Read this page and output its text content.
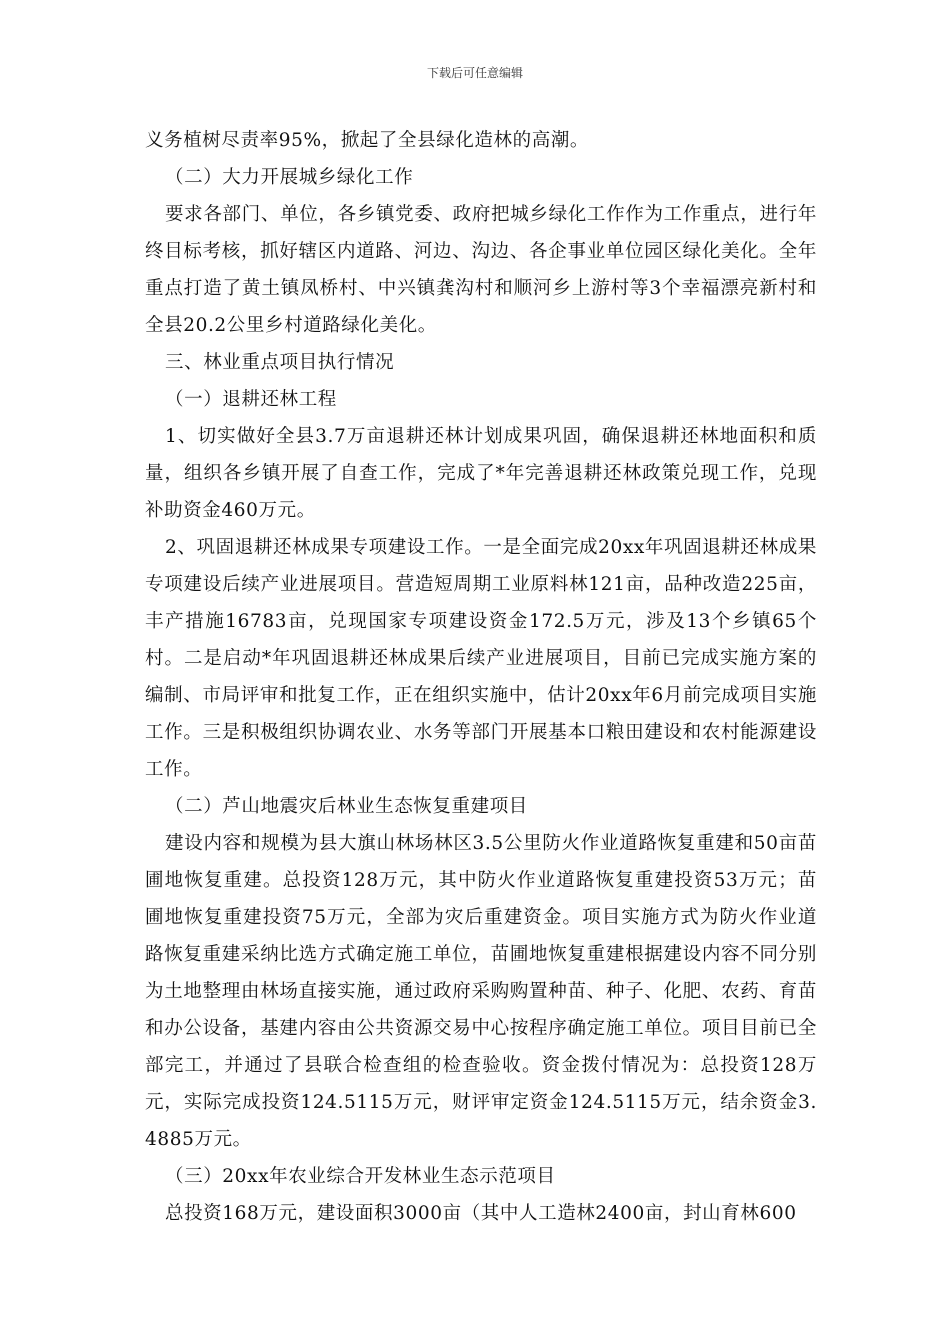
下载后可任意编辑

义务植树尽责率95%，掀起了全县绿化造林的高潮。

（二）大力开展城乡绿化工作

要求各部门、单位，各乡镇党委、政府把城乡绿化工作作为工作重点，进行年终目标考核，抓好辖区内道路、河边、沟边、各企事业单位园区绿化美化。全年重点打造了黄土镇凤桥村、中兴镇龚沟村和顺河乡上游村等3个幸福漂亮新村和全县20.2公里乡村道路绿化美化。

三、林业重点项目执行情况

（一）退耕还林工程

1、切实做好全县3.7万亩退耕还林计划成果巩固，确保退耕还林地面积和质量，组织各乡镇开展了自查工作，完成了*年完善退耕还林政策兑现工作，兑现补助资金460万元。

2、巩固退耕还林成果专项建设工作。一是全面完成20xx年巩固退耕还林成果专项建设后续产业进展项目。营造短周期工业原料林121亩，品种改造225亩，丰产措施16783亩，兑现国家专项建设资金172.5万元，涉及13个乡镇65个村。二是启动*年巩固退耕还林成果后续产业进展项目，目前已完成实施方案的编制、市局评审和批复工作，正在组织实施中，估计20xx年6月前完成项目实施工作。三是积极组织协调农业、水务等部门开展基本口粮田建设和农村能源建设工作。

（二）芦山地震灾后林业生态恢复重建项目

建设内容和规模为县大旗山林场林区3.5公里防火作业道路恢复重建和50亩苗圃地恢复重建。总投资128万元，其中防火作业道路恢复重建投资53万元；苗圃地恢复重建投资75万元，全部为灾后重建资金。项目实施方式为防火作业道路恢复重建采纳比选方式确定施工单位，苗圃地恢复重建根据建设内容不同分别为土地整理由林场直接实施，通过政府采购购置种苗、种子、化肥、农药、育苗和办公设备，基建内容由公共资源交易中心按程序确定施工单位。项目目前已全部完工，并通过了县联合检查组的检查验收。资金拨付情况为：总投资128万元，实际完成投资124.5115万元，财评审定资金124.5115万元，结余资金3.4885万元。

（三）20xx年农业综合开发林业生态示范项目

总投资168万元，建设面积3000亩（其中人工造林2400亩，封山育林600
